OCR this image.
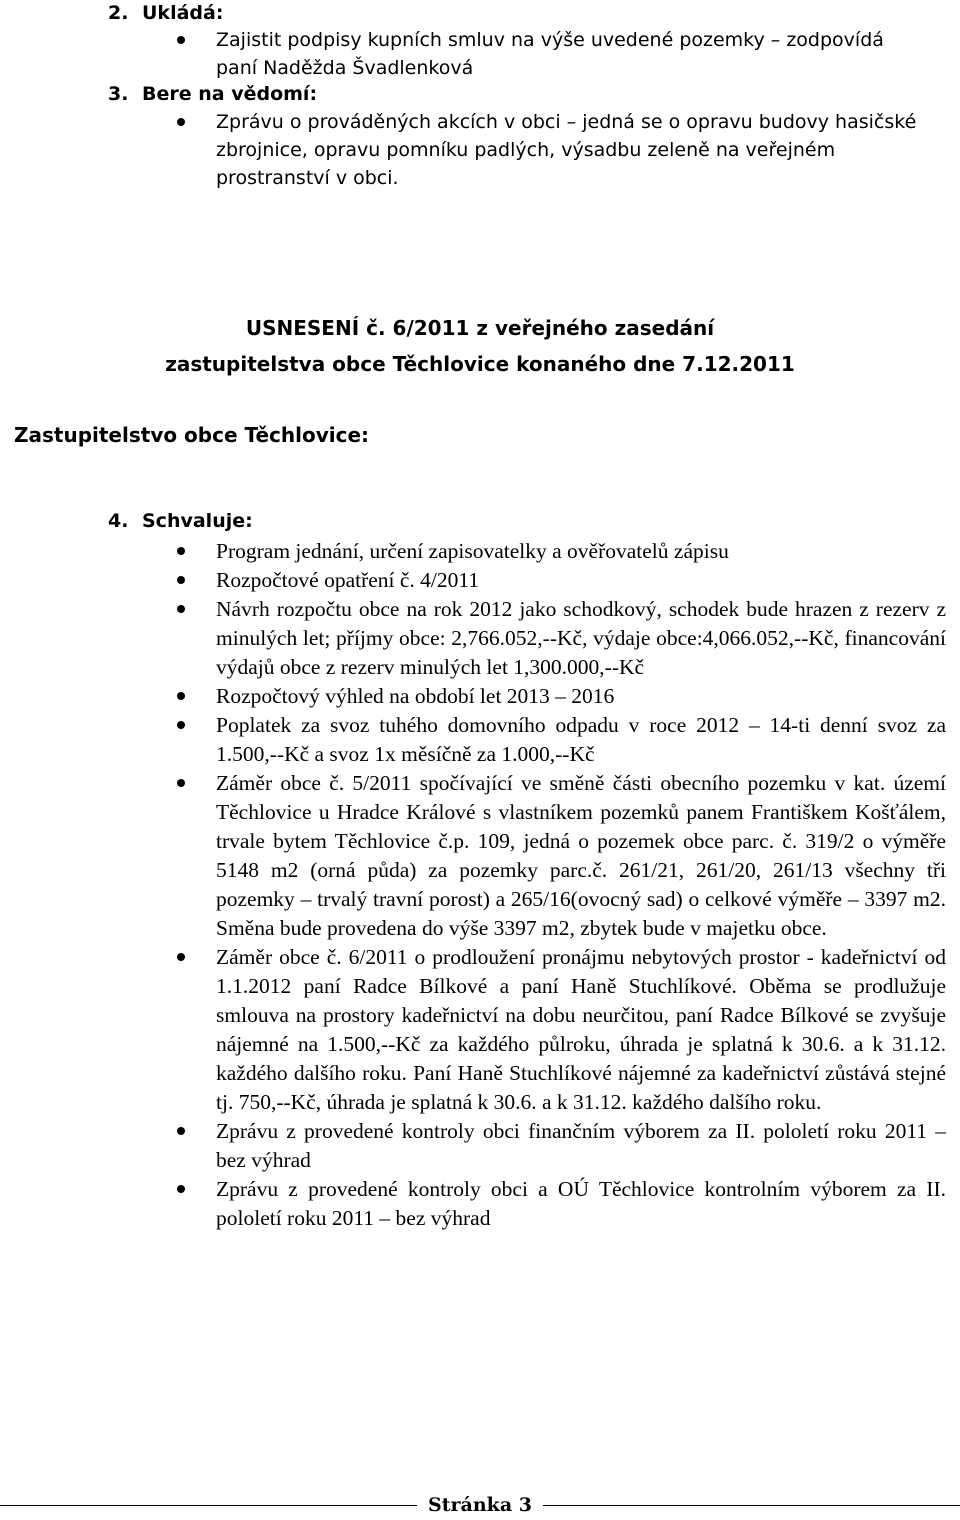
2. Ukládá:
Zajistit podpisy kupních smluv na výše uvedené pozemky – zodpovídá paní Naděžda Švadlenková
3. Bere na vědomí:
Zprávu o prováděných akcích v obci – jedná se o opravu budovy hasičské zbrojnice, opravu pomníku padlých, výsadbu zeleně na veřejném prostranství v obci.
USNESENÍ č. 6/2011 z veřejného zasedání
zastupitelstva obce Těchlovice konaného dne 7.12.2011
Zastupitelstvo obce Těchlovice:
4. Schvaluje:
Program jednání, určení zapisovatelky a ověřovatelů zápisu
Rozpočtové opatření č. 4/2011
Návrh rozpočtu obce na rok 2012 jako schodkový, schodek bude hrazen z rezerv z minulých let; příjmy obce: 2,766.052,--Kč, výdaje obce:4,066.052,--Kč, financování výdajů obce z rezerv minulých let 1,300.000,--Kč
Rozpočtový výhled na období let 2013 – 2016
Poplatek za svoz tuhého domovního odpadu v roce 2012 – 14-ti denní svoz za 1.500,--Kč a svoz 1x měsíčně za 1.000,--Kč
Záměr obce č. 5/2011 spočívající ve směně části obecního pozemku v kat. území Těchlovice u Hradce Králové s vlastníkem pozemků panem Františkem Košťálem, trvale bytem Těchlovice č.p. 109, jedná o pozemek obce parc. č. 319/2 o výměře 5148 m2 (orná půda) za pozemky parc.č. 261/21, 261/20, 261/13 všechny tři pozemky – trvalý travní porost) a 265/16(ovocný sad) o celkové výměře – 3397 m2. Směna bude provedena do výše 3397 m2, zbytek bude v majetku obce.
Záměr obce č. 6/2011 o prodloužení pronájmu nebytových prostor - kadeřnictví od 1.1.2012 paní Radce Bílkové a paní Haně Stuchlíkové. Oběma se prodlužuje smlouva na prostory kadeřnictví na dobu neurčitou, paní Radce Bílkové se zvyšuje nájemné na 1.500,--Kč za každého půlroku, úhrada je splatná k 30.6. a k 31.12. každého dalšího roku. Paní Haně Stuchlíkové nájemné za kadeřnictví zůstává stejné tj. 750,--Kč, úhrada je splatná k 30.6. a k 31.12. každého dalšího roku.
Zprávu z provedené kontroly obci finančním výborem za II. pololetí roku 2011 – bez výhrad
Zprávu z provedené kontroly obci a OÚ Těchlovice kontrolním výborem za II. pololetí roku 2011 – bez výhrad
Stránka 3
